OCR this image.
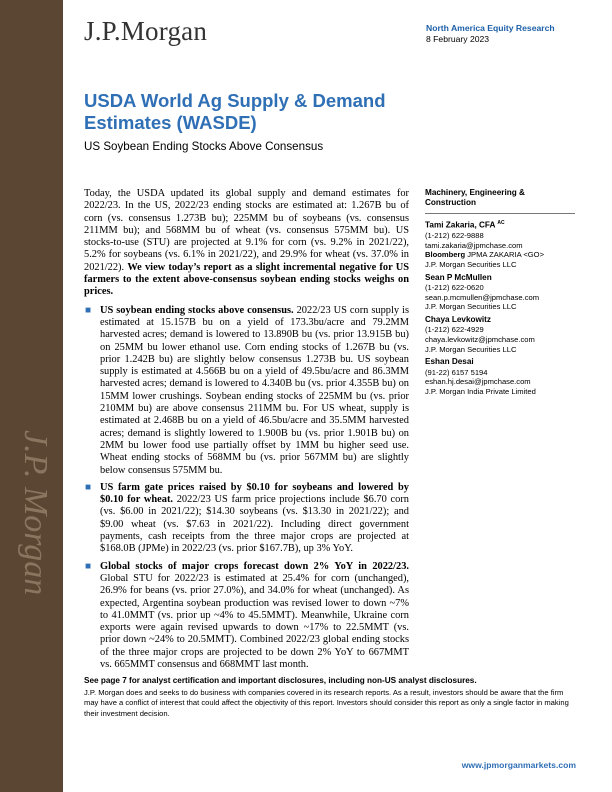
J.P. Morgan
J.P.Morgan	North America Equity Research
8 February 2023
USDA World Ag Supply & Demand Estimates (WASDE)
US Soybean Ending Stocks Above Consensus

Today, the USDA updated its global supply and demand estimates for 2022/23. In the US, 2022/23 ending stocks are estimated at: 1.267B bu of corn (vs. consensus 1.273B bu); 225MM bu of soybeans (vs. consensus 211MM bu); and 568MM bu of wheat (vs. consensus 575MM bu). US stocks-to-use (STU) are projected at 9.1% for corn (vs. 9.2% in 2021/22), 5.2% for soybeans (vs. 6.1% in 2021/22), and 29.9% for wheat (vs. 37.0% in 2021/22). We view today’s report as a slight incremental negative for US farmers to the extent above-consensus soybean ending stocks weighs on prices.

■ US soybean ending stocks above consensus. 2022/23 US corn supply is estimated at 15.157B bu on a yield of 173.3bu/acre and 79.2MM harvested acres; demand is lowered to 13.890B bu (vs. prior 13.915B bu) on 25MM bu lower ethanol use. Corn ending stocks of 1.267B bu (vs. prior 1.242B bu) are slightly below consensus 1.273B bu. US soybean supply is estimated at 4.566B bu on a yield of 49.5bu/acre and 86.3MM harvested acres; demand is lowered to 4.340B bu (vs. prior 4.355B bu) on 15MM lower crushings. Soybean ending stocks of 225MM bu (vs. prior 210MM bu) are above consensus 211MM bu. For US wheat, supply is estimated at 2.468B bu on a yield of 46.5bu/acre and 35.5MM harvested acres; demand is slightly lowered to 1.900B bu (vs. prior 1.901B bu) on 2MM bu lower food use partially offset by 1MM bu higher seed use. Wheat ending stocks of 568MM bu (vs. prior 567MM bu) are slightly below consensus 575MM bu.
■ US farm gate prices raised by $0.10 for soybeans and lowered by $0.10 for wheat. 2022/23 US farm price projections include $6.70 corn (vs. $6.00 in 2021/22); $14.30 soybeans (vs. $13.30 in 2021/22); and $9.00 wheat (vs. $7.63 in 2021/22). Including direct government payments, cash receipts from the three major crops are projected at $168.0B (JPMe) in 2022/23 (vs. prior $167.7B), up 3% YoY.
■ Global stocks of major crops forecast down 2% YoY in 2022/23. Global STU for 2022/23 is estimated at 25.4% for corn (unchanged), 26.9% for beans (vs. prior 27.0%), and 34.0% for wheat (unchanged). As expected, Argentina soybean production was revised lower to down ~7% to 41.0MMT (vs. prior up ~4% to 45.5MMT). Meanwhile, Ukraine corn exports were again revised upwards to down ~17% to 22.5MMT (vs. prior down ~24% to 20.5MMT). Combined 2022/23 global ending stocks of the three major crops are projected to be down 2% YoY to 667MMT vs. 665MMT consensus and 668MMT last month.
Machinery, Engineering & Construction
Tami Zakaria, CFA $^{AC}$
(1-212) 622-9888
tami.zakaria@jpmchase.com
Bloomberg JPMA ZAKARIA <GO>
J.P. Morgan Securities LLC
Sean P McMullen
(1-212) 622-0620
sean.p.mcmullen@jpmchase.com
J.P. Morgan Securities LLC
Chaya Levkowitz
(1-212) 622-4929
chaya.levkowitz@jpmchase.com
J.P. Morgan Securities LLC
Eshan Desai
(91-22) 6157 5194
eshan.hj.desai@jpmchase.com
J.P. Morgan India Private Limited
See page 7 for analyst certification and important disclosures, including non-US analyst disclosures.
J.P. Morgan does and seeks to do business with companies covered in its research reports. As a result, investors should be aware that the firm may have a conflict of interest that could affect the objectivity of this report. Investors should consider this report as only a single factor in making their investment decision.
www.jpmorganmarkets.com
